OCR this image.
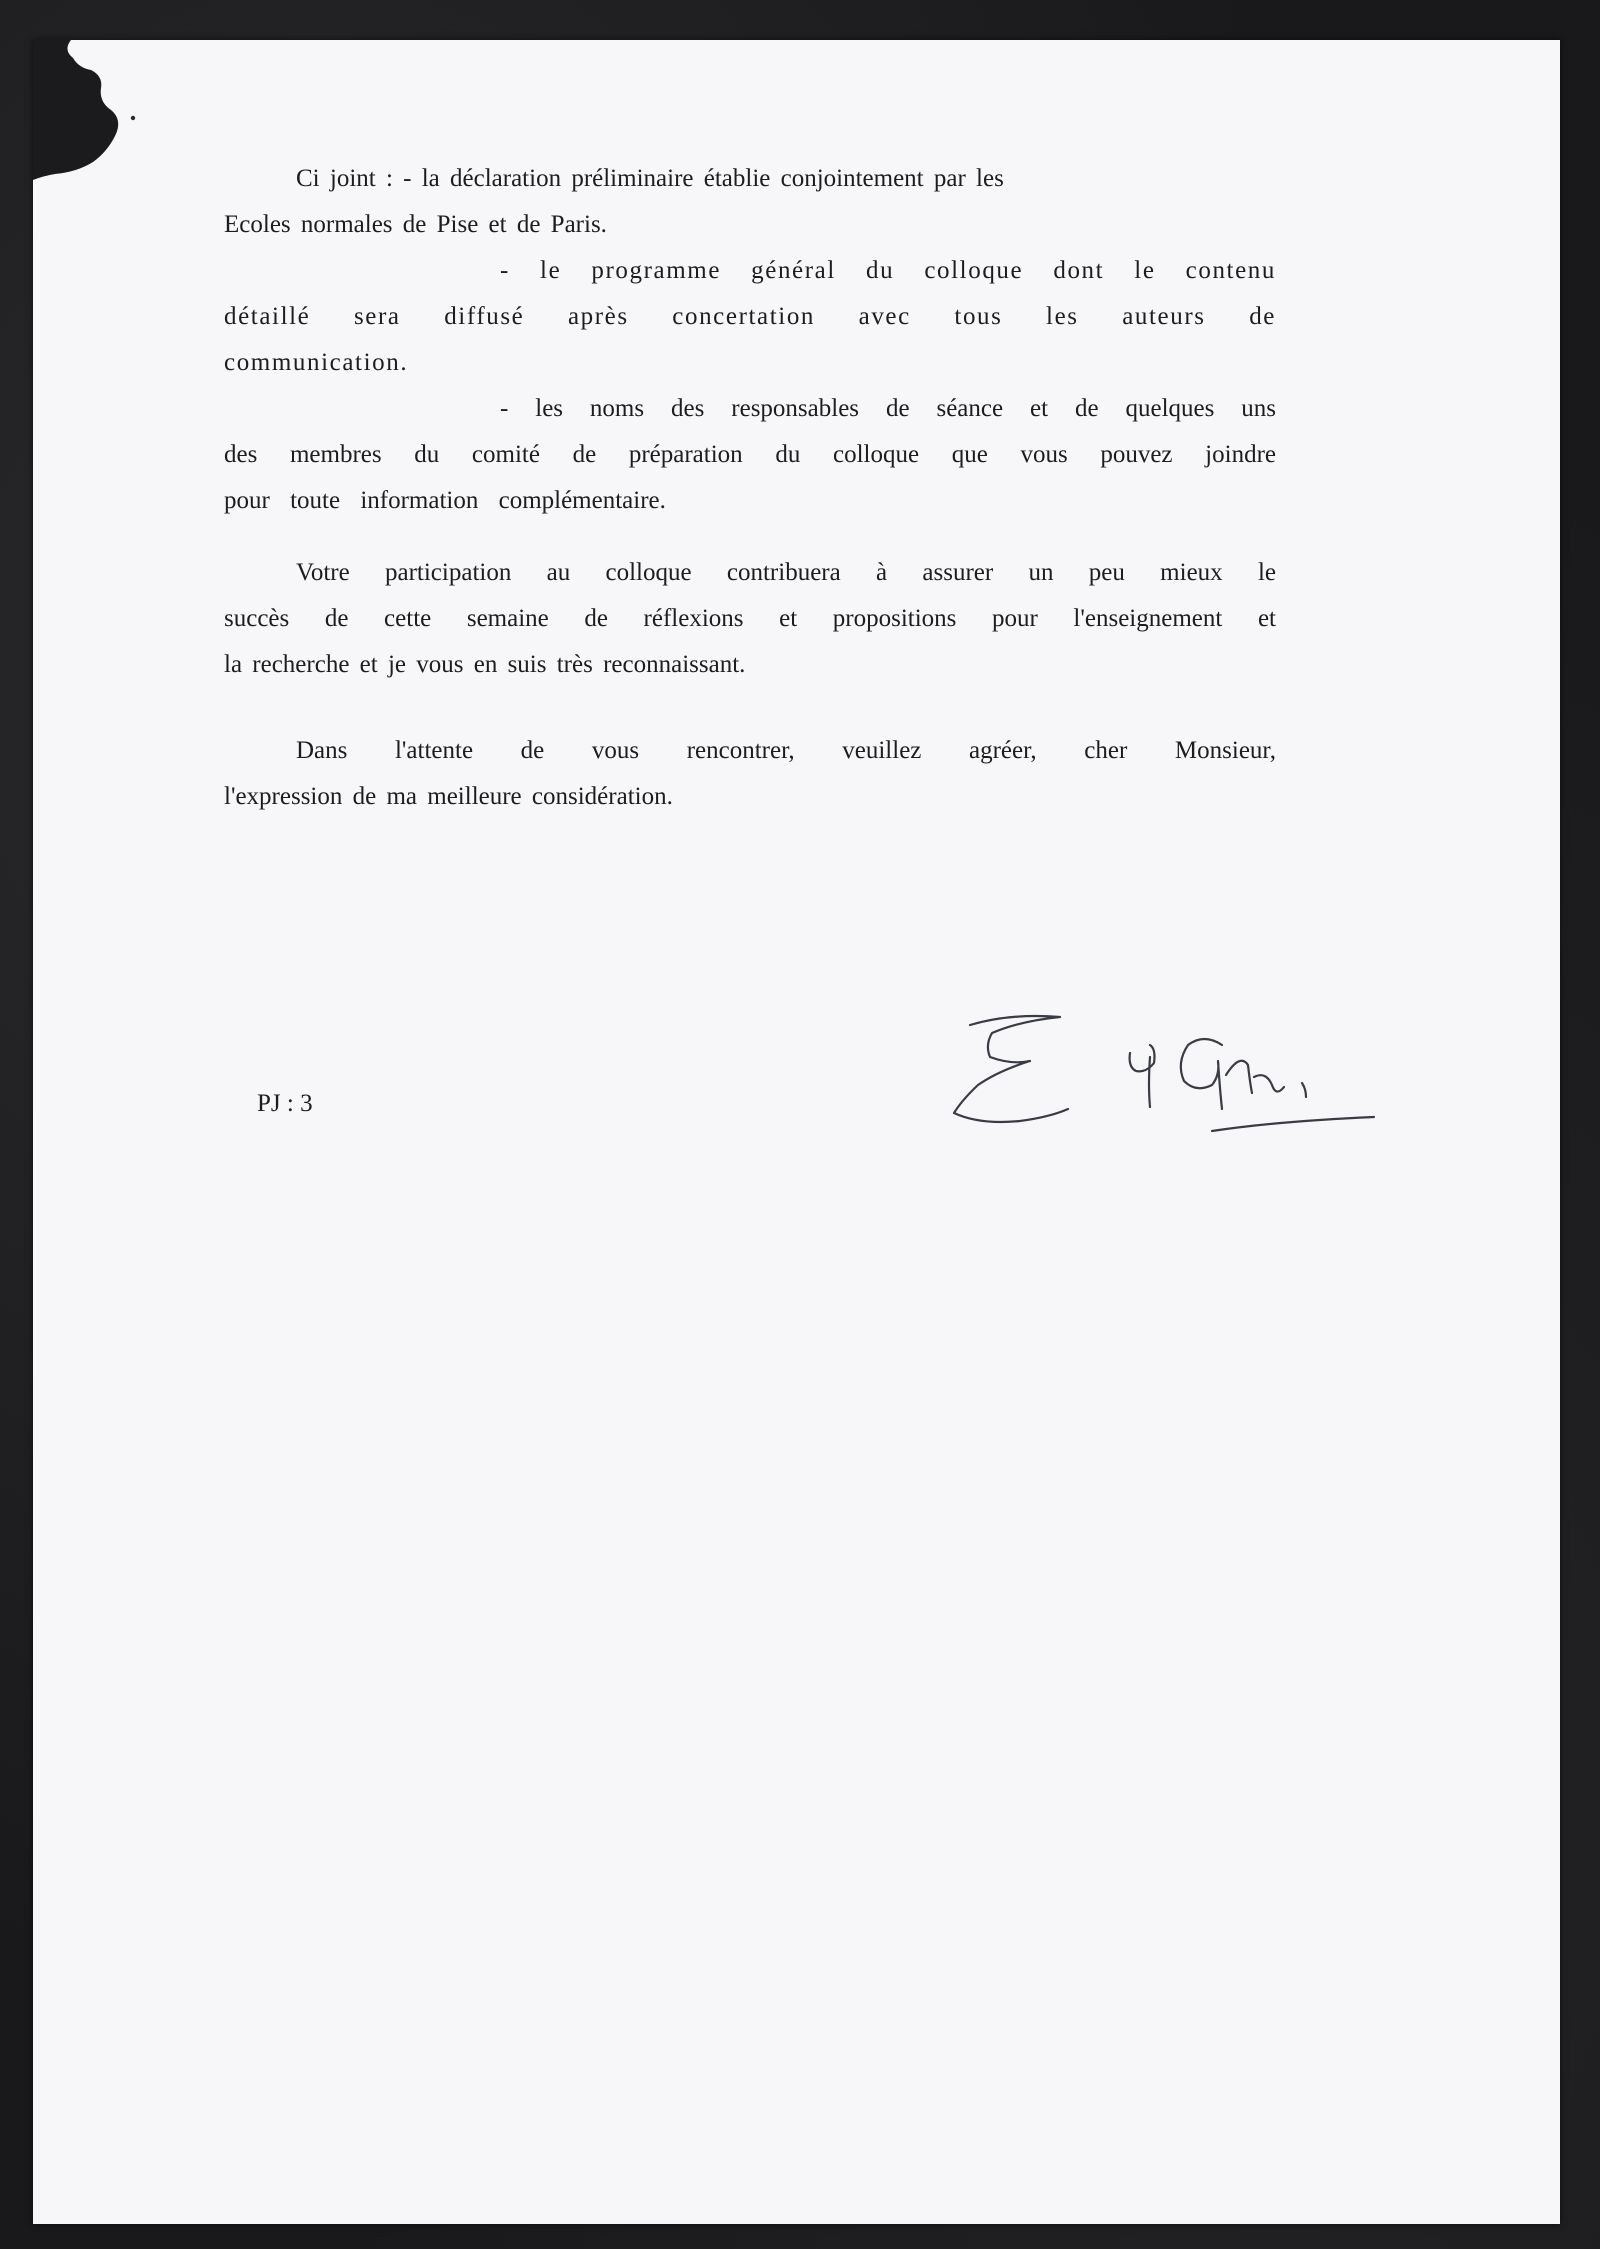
Ci joint : - la déclaration préliminaire établie conjointement par les
Ecoles normales de Pise et de Paris.

- le programme général du colloque dont le contenu
détaillé sera diffusé après concertation avec tous les auteurs de
communication.

- les noms des responsables de séance et de quelques uns
des membres du comité de préparation du colloque que vous pouvez joindre
pour toute information complémentaire.

Votre participation au colloque contribuera à assurer un peu mieux le
succès de cette semaine de réflexions et propositions pour l'enseignement et
la recherche et je vous en suis très reconnaissant.

Dans l'attente de vous rencontrer, veuillez agréer, cher Monsieur,
l'expression de ma meilleure considération.

PJ : 3
